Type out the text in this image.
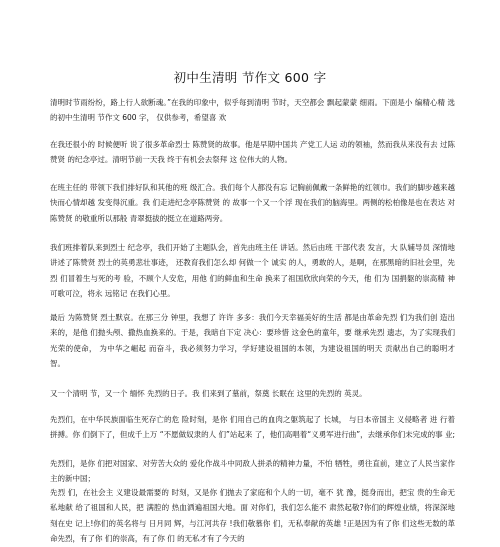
初中生清明 节作文 600 字

清明时节雨纷纷，路上行人欲断魂。”在我的印象中，似乎每到清明 节时，天空都会 飘起蒙蒙 细雨。下面是小 编精心精 选 的初中生清明 节作文 600 字， 仅供参考，希望喜 欢

在我还很小的 时候便听 说了很多革命烈士 陈赞贤的故事。他是早期中国共 产党工人运 动的领袖，然而我从来没有去 过陈赞贤 的纪念亭过。清明节前一天我 终于有机会去祭拜 这 位伟大的人物。

在班主任的 带领下我们排好队和其他的班 级汇合。我们每个人都没有忘 记胸前佩戴一条鲜艳的红领巾。我们的脚步越来越快而心情却越 发变得沉重。我 们走进纪念亭陈赞贤 的 故事一个又一个浮 现在我们的脑海里。两侧的松柏像是也在表达 对陈赞贤 的敬重所以那般 青翠挺拔的挺立在道路两旁。

我们班排着队来到烈士 纪念亭，我们开始了主题队会，首先由班主任 讲话。然后由班 干部代表 发言，大 队辅导员 深情地讲述了陈赞贤 烈士的英勇悲壮事迹， 还教育我们怎么却 何做一个 诚实 的人，勇敢的人，是啊，在那黑暗的旧社会里，先烈 们冒着生与死的考 验，不顾个人安危，用他 们的鲜血和生命 换来了祖国欣欣向荣的今天，他 们为 国捐躯的崇高精 神可歌可泣，将永 远铭记 在我们心里。

最后 为陈赞贤 烈士默哀。在那三分 钟里，我想了 许许 多多：我们今天幸福美好的生活 都是由革命先烈 们为我们创 造出来的，是他 们抛头颅、撒热血换来的。于是，我暗自下定 决心：要珍惜 这金色的童年，要 继承先烈 遗志，为了实现我们光荣的使命， 为中华之崛起 而奋斗，我必须努力学习，学好建设祖国的本领，为建设祖国的明天 贡献出自己的聪明才 智。

又一个清明 节，又一个 缅怀 先烈的日子。我 们来到了墓前，祭奠 长眠在 这里的先烈的 英灵。

先烈们，在中华民族面临生死存亡的危 险时刻，是你 们用自己的血肉之躯筑起了 长城， 与日本帝国主 义侵略者 进 行着拼搏。你 们倒下了，但成千上万 “不愿做奴隶的人 们”站起来 了，他们高唱着“义勇军进行曲”，去继承你们未完成的事 业;

先烈们，是你 们把对国家、对劳苦大众的 爱化作战斗中同敌人拼杀的精神力量，不怕 牺牲，勇往直前，建立了人民当家作主的新中国；

先烈 们，在社会主 义建设最需要的 时刻，又是你 们抛去了家庭和个人的一切，毫不 犹 豫，挺身而出，把宝 贵的生命无私地献 给了祖国和人民，把 满腔的 热血洒遍祖国大地。面 对你们，我们怎么能不 肃然起敬?你们的辉煌业绩，将深深地刻在史 记上!你们的英名将与 日月同 辉，与江河共存 !我们敬慕你 们，无私奉献的英雄 !正是因为有了你 们这些无数的革 命先烈，有了你 们的崇高，有了你 们 的无私才有了今天的
